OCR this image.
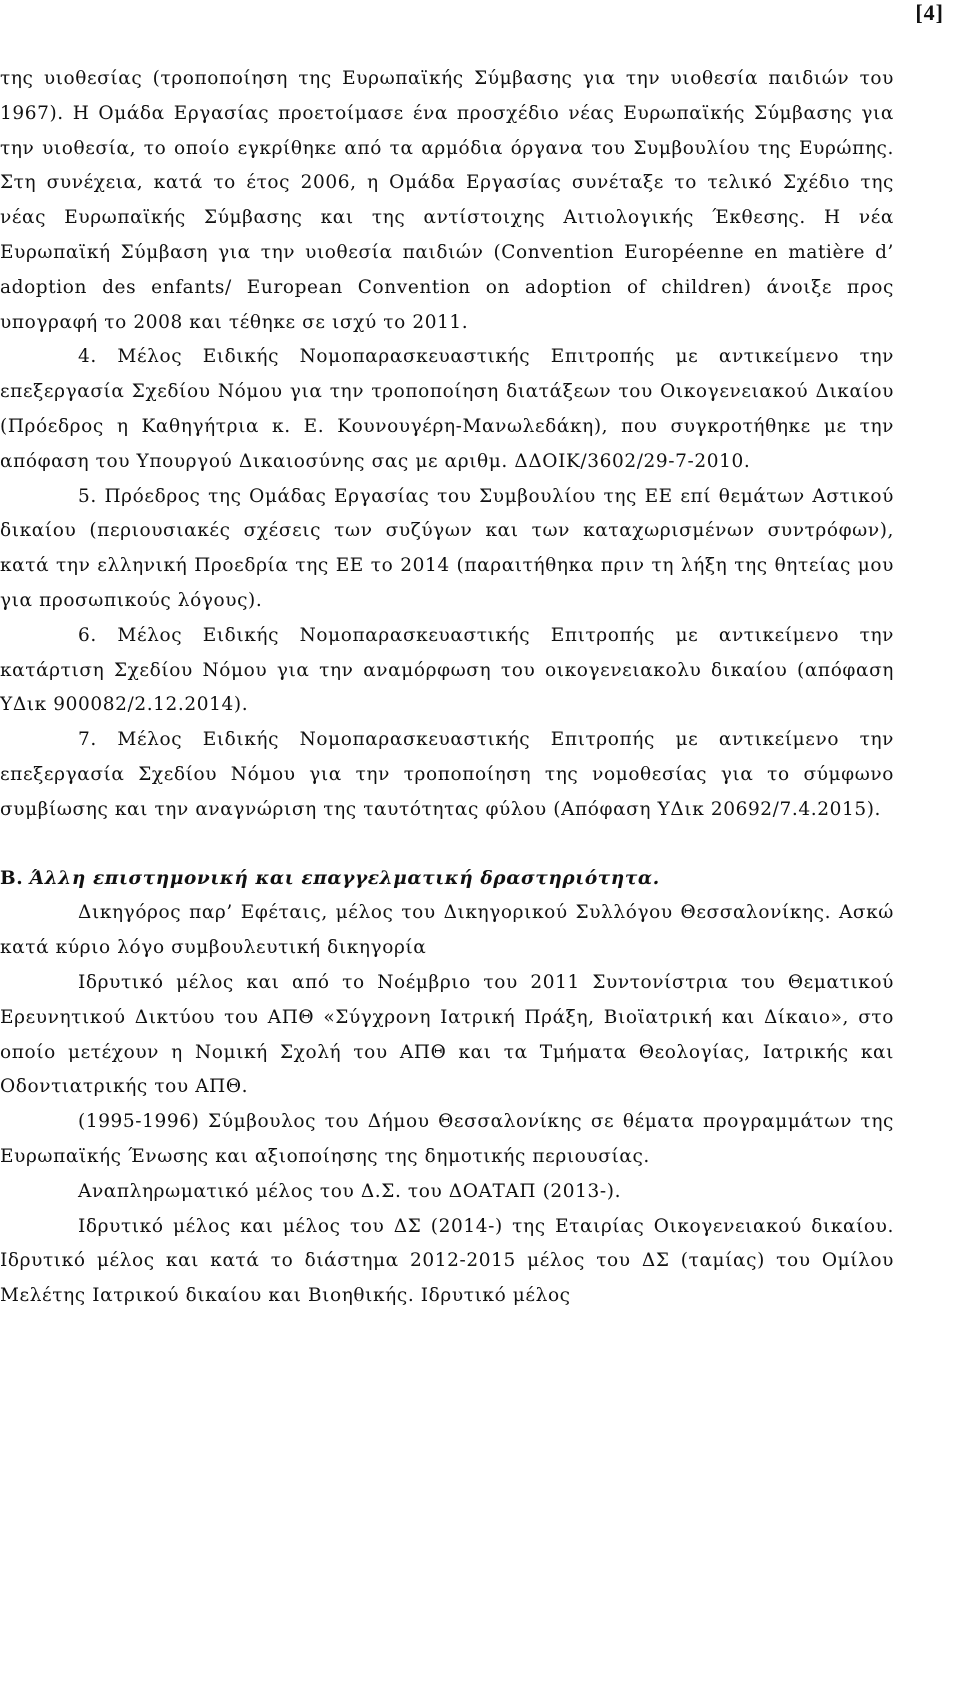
[4]

της υιοθεσίας (τροποποίηση της Ευρωπαϊκής Σύμβασης για την υιοθεσία παιδιών του 1967). Η Ομάδα Εργασίας προετοίμασε ένα προσχέδιο νέας Ευρωπαϊκής Σύμβασης για την υιοθεσία, το οποίο εγκρίθηκε από τα αρμόδια όργανα του Συμβουλίου της Ευρώπης. Στη συνέχεια, κατά το έτος 2006, η Ομάδα Εργασίας συνέταξε το τελικό Σχέδιο της νέας Ευρωπαϊκής Σύμβασης και της αντίστοιχης Αιτιολογικής Έκθεσης. Η νέα Ευρωπαϊκή Σύμβαση για την υιοθεσία παιδιών (Convention Européenne en matière d’ adoption des enfants/ European Convention on adoption of children) άνοιξε προς υπογραφή το 2008 και τέθηκε σε ισχύ το 2011.

4. Μέλος Ειδικής Νομοπαρασκευαστικής Επιτροπής με αντικείμενο την επεξεργασία Σχεδίου Νόμου για την τροποποίηση διατάξεων του Οικογενειακού Δικαίου (Πρόεδρος η Καθηγήτρια κ. Ε. Κουνουγέρη-Μανωλεδάκη), που συγκροτήθηκε με την απόφαση του Υπουργού Δικαιοσύνης σας με αριθμ. ΔΔΟΙΚ/3602/29-7-2010.

5. Πρόεδρος της Ομάδας Εργασίας του Συμβουλίου της ΕΕ επί θεμάτων Αστικού δικαίου (περιουσιακές σχέσεις των συζύγων και των καταχωρισμένων συντρόφων), κατά την ελληνική Προεδρία της ΕΕ το 2014 (παραιτήθηκα πριν τη λήξη της θητείας μου για προσωπικούς λόγους).

6. Μέλος Ειδικής Νομοπαρασκευαστικής Επιτροπής με αντικείμενο την κατάρτιση Σχεδίου Νόμου για την αναμόρφωση του οικογενειακολυ δικαίου (απόφαση ΥΔικ 900082/2.12.2014).

7. Μέλος Ειδικής Νομοπαρασκευαστικής Επιτροπής με αντικείμενο την επεξεργασία Σχεδίου Νόμου για την τροποποίηση της νομοθεσίας για το σύμφωνο συμβίωσης και την αναγνώριση της ταυτότητας φύλου (Απόφαση ΥΔικ 20692/7.4.2015).

Β. Άλλη επιστημονική και επαγγελματική δραστηριότητα.

Δικηγόρος παρ’ Εφέταις, μέλος του Δικηγορικού Συλλόγου Θεσσαλονίκης. Ασκώ κατά κύριο λόγο συμβουλευτική δικηγορία

Ιδρυτικό μέλος και από το Νοέμβριο του 2011 Συντονίστρια του Θεματικού Ερευνητικού Δικτύου του ΑΠΘ «Σύγχρονη Ιατρική Πράξη, Βιοϊατρική και Δίκαιο», στο οποίο μετέχουν η Νομική Σχολή του ΑΠΘ και τα Τμήματα Θεολογίας, Ιατρικής και Οδοντιατρικής του ΑΠΘ.

(1995-1996) Σύμβουλος του Δήμου Θεσσαλονίκης σε θέματα προγραμμάτων της Ευρωπαϊκής Ένωσης και αξιοποίησης της δημοτικής περιουσίας.

Αναπληρωματικό μέλος του Δ.Σ. του ΔΟΑΤΑΠ (2013-).

Ιδρυτικό μέλος και μέλος του ΔΣ (2014-) της Εταιρίας Οικογενειακού δικαίου. Ιδρυτικό μέλος και κατά το διάστημα 2012-2015 μέλος του ΔΣ (ταμίας) του Ομίλου Μελέτης Ιατρικού δικαίου και Βιοηθικής. Ιδρυτικό μέλος
